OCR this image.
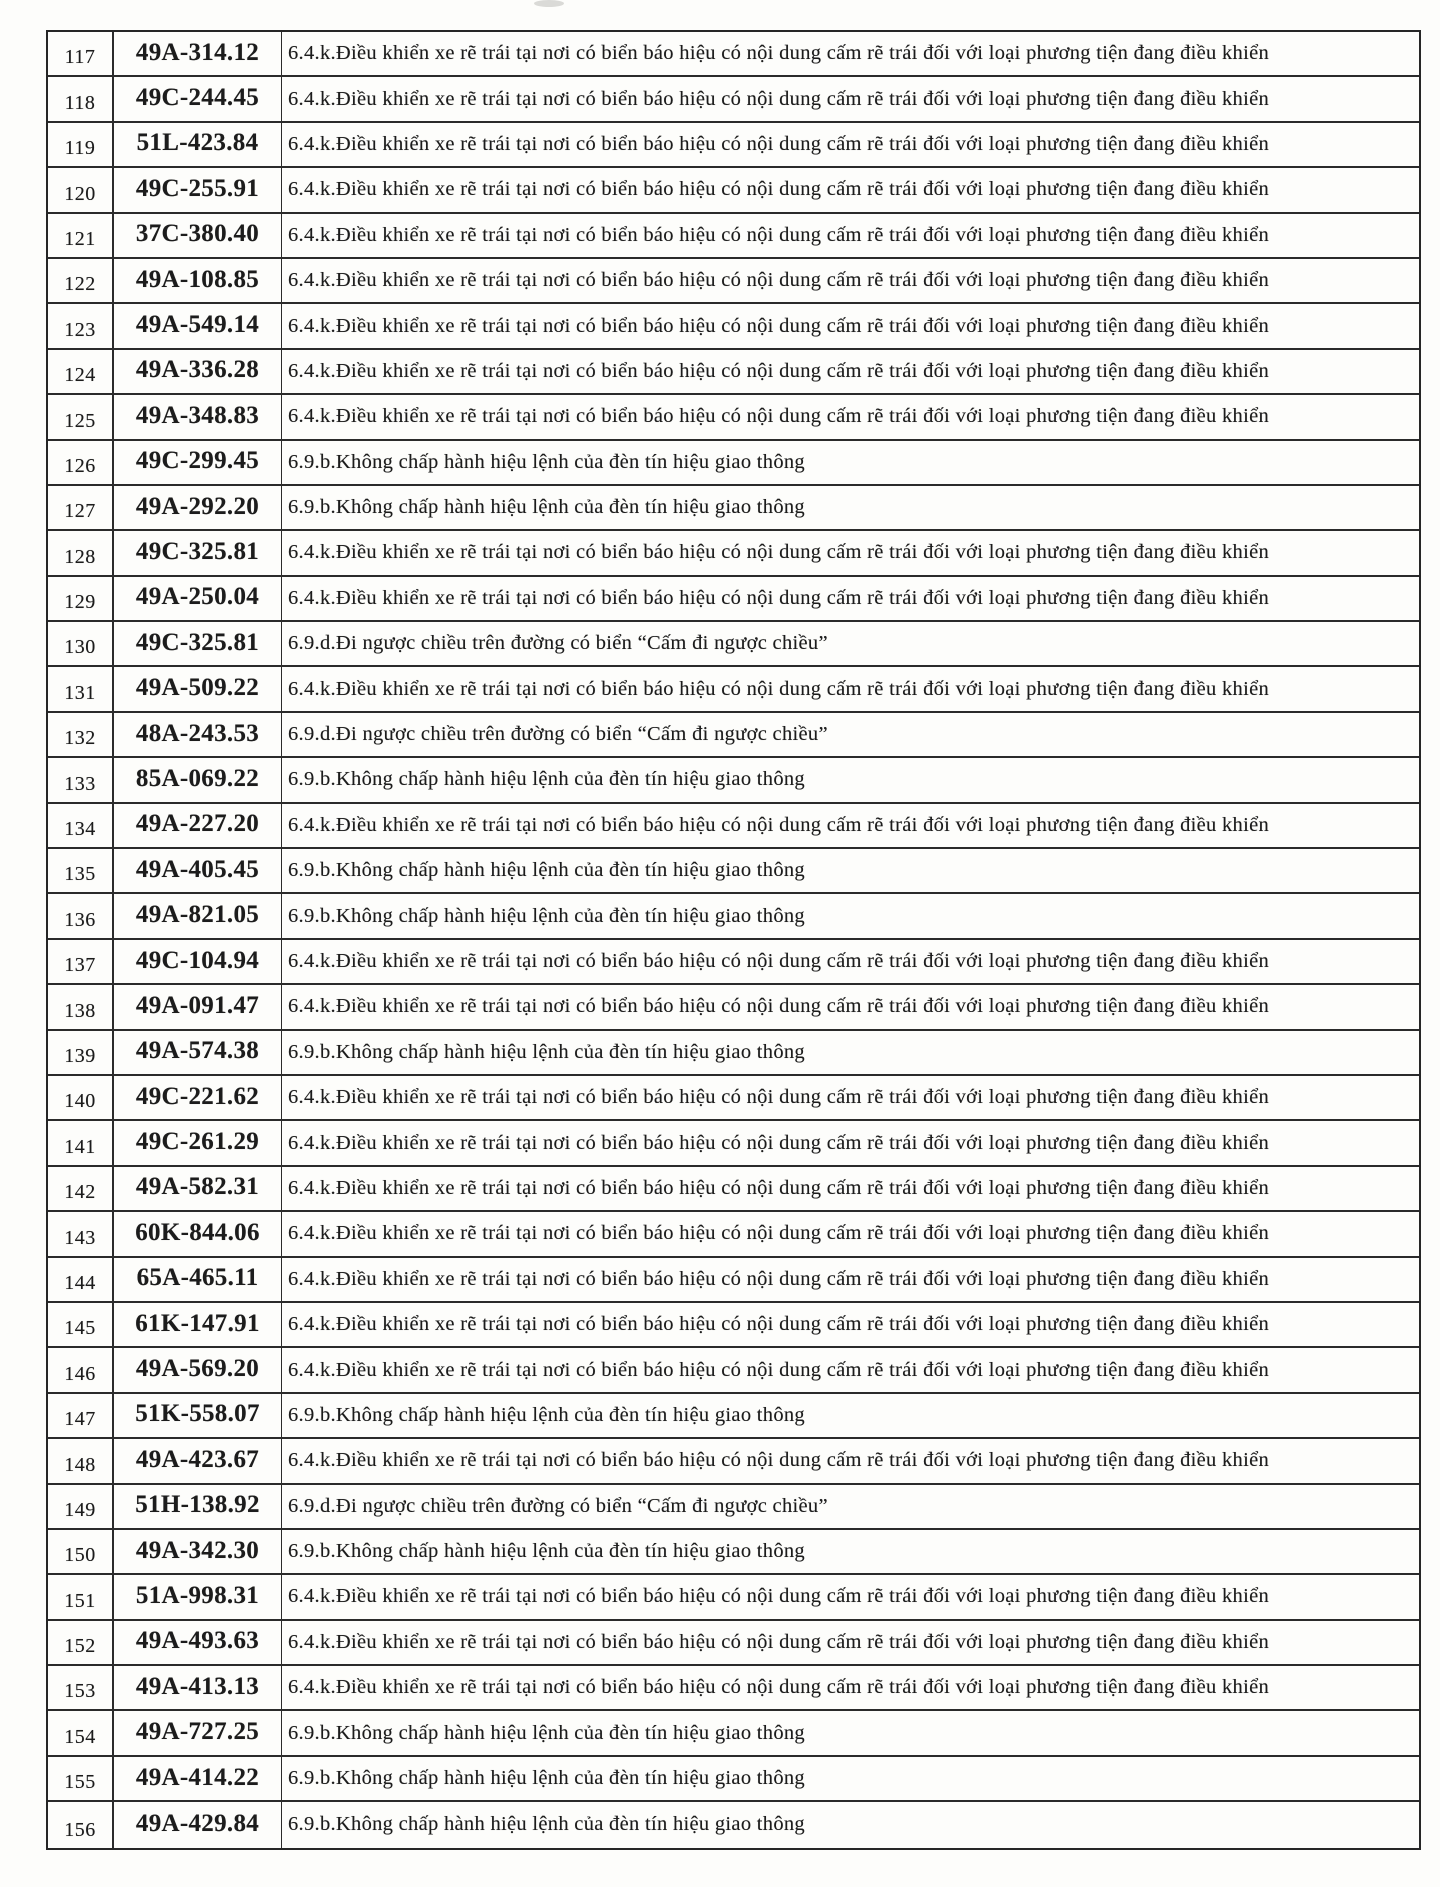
117	49A-314.12	6.4.k.Điều khiển xe rẽ trái tại nơi có biển báo hiệu có nội dung cấm rẽ trái đối với loại phương tiện đang điều khiển
118	49C-244.45	6.4.k.Điều khiển xe rẽ trái tại nơi có biển báo hiệu có nội dung cấm rẽ trái đối với loại phương tiện đang điều khiển
119	51L-423.84	6.4.k.Điều khiển xe rẽ trái tại nơi có biển báo hiệu có nội dung cấm rẽ trái đối với loại phương tiện đang điều khiển
120	49C-255.91	6.4.k.Điều khiển xe rẽ trái tại nơi có biển báo hiệu có nội dung cấm rẽ trái đối với loại phương tiện đang điều khiển
121	37C-380.40	6.4.k.Điều khiển xe rẽ trái tại nơi có biển báo hiệu có nội dung cấm rẽ trái đối với loại phương tiện đang điều khiển
122	49A-108.85	6.4.k.Điều khiển xe rẽ trái tại nơi có biển báo hiệu có nội dung cấm rẽ trái đối với loại phương tiện đang điều khiển
123	49A-549.14	6.4.k.Điều khiển xe rẽ trái tại nơi có biển báo hiệu có nội dung cấm rẽ trái đối với loại phương tiện đang điều khiển
124	49A-336.28	6.4.k.Điều khiển xe rẽ trái tại nơi có biển báo hiệu có nội dung cấm rẽ trái đối với loại phương tiện đang điều khiển
125	49A-348.83	6.4.k.Điều khiển xe rẽ trái tại nơi có biển báo hiệu có nội dung cấm rẽ trái đối với loại phương tiện đang điều khiển
126	49C-299.45	6.9.b.Không chấp hành hiệu lệnh của đèn tín hiệu giao thông
127	49A-292.20	6.9.b.Không chấp hành hiệu lệnh của đèn tín hiệu giao thông
128	49C-325.81	6.4.k.Điều khiển xe rẽ trái tại nơi có biển báo hiệu có nội dung cấm rẽ trái đối với loại phương tiện đang điều khiển
129	49A-250.04	6.4.k.Điều khiển xe rẽ trái tại nơi có biển báo hiệu có nội dung cấm rẽ trái đối với loại phương tiện đang điều khiển
130	49C-325.81	6.9.d.Đi ngược chiều trên đường có biển “Cấm đi ngược chiều”
131	49A-509.22	6.4.k.Điều khiển xe rẽ trái tại nơi có biển báo hiệu có nội dung cấm rẽ trái đối với loại phương tiện đang điều khiển
132	48A-243.53	6.9.d.Đi ngược chiều trên đường có biển “Cấm đi ngược chiều”
133	85A-069.22	6.9.b.Không chấp hành hiệu lệnh của đèn tín hiệu giao thông
134	49A-227.20	6.4.k.Điều khiển xe rẽ trái tại nơi có biển báo hiệu có nội dung cấm rẽ trái đối với loại phương tiện đang điều khiển
135	49A-405.45	6.9.b.Không chấp hành hiệu lệnh của đèn tín hiệu giao thông
136	49A-821.05	6.9.b.Không chấp hành hiệu lệnh của đèn tín hiệu giao thông
137	49C-104.94	6.4.k.Điều khiển xe rẽ trái tại nơi có biển báo hiệu có nội dung cấm rẽ trái đối với loại phương tiện đang điều khiển
138	49A-091.47	6.4.k.Điều khiển xe rẽ trái tại nơi có biển báo hiệu có nội dung cấm rẽ trái đối với loại phương tiện đang điều khiển
139	49A-574.38	6.9.b.Không chấp hành hiệu lệnh của đèn tín hiệu giao thông
140	49C-221.62	6.4.k.Điều khiển xe rẽ trái tại nơi có biển báo hiệu có nội dung cấm rẽ trái đối với loại phương tiện đang điều khiển
141	49C-261.29	6.4.k.Điều khiển xe rẽ trái tại nơi có biển báo hiệu có nội dung cấm rẽ trái đối với loại phương tiện đang điều khiển
142	49A-582.31	6.4.k.Điều khiển xe rẽ trái tại nơi có biển báo hiệu có nội dung cấm rẽ trái đối với loại phương tiện đang điều khiển
143	60K-844.06	6.4.k.Điều khiển xe rẽ trái tại nơi có biển báo hiệu có nội dung cấm rẽ trái đối với loại phương tiện đang điều khiển
144	65A-465.11	6.4.k.Điều khiển xe rẽ trái tại nơi có biển báo hiệu có nội dung cấm rẽ trái đối với loại phương tiện đang điều khiển
145	61K-147.91	6.4.k.Điều khiển xe rẽ trái tại nơi có biển báo hiệu có nội dung cấm rẽ trái đối với loại phương tiện đang điều khiển
146	49A-569.20	6.4.k.Điều khiển xe rẽ trái tại nơi có biển báo hiệu có nội dung cấm rẽ trái đối với loại phương tiện đang điều khiển
147	51K-558.07	6.9.b.Không chấp hành hiệu lệnh của đèn tín hiệu giao thông
148	49A-423.67	6.4.k.Điều khiển xe rẽ trái tại nơi có biển báo hiệu có nội dung cấm rẽ trái đối với loại phương tiện đang điều khiển
149	51H-138.92	6.9.d.Đi ngược chiều trên đường có biển “Cấm đi ngược chiều”
150	49A-342.30	6.9.b.Không chấp hành hiệu lệnh của đèn tín hiệu giao thông
151	51A-998.31	6.4.k.Điều khiển xe rẽ trái tại nơi có biển báo hiệu có nội dung cấm rẽ trái đối với loại phương tiện đang điều khiển
152	49A-493.63	6.4.k.Điều khiển xe rẽ trái tại nơi có biển báo hiệu có nội dung cấm rẽ trái đối với loại phương tiện đang điều khiển
153	49A-413.13	6.4.k.Điều khiển xe rẽ trái tại nơi có biển báo hiệu có nội dung cấm rẽ trái đối với loại phương tiện đang điều khiển
154	49A-727.25	6.9.b.Không chấp hành hiệu lệnh của đèn tín hiệu giao thông
155	49A-414.22	6.9.b.Không chấp hành hiệu lệnh của đèn tín hiệu giao thông
156	49A-429.84	6.9.b.Không chấp hành hiệu lệnh của đèn tín hiệu giao thông
